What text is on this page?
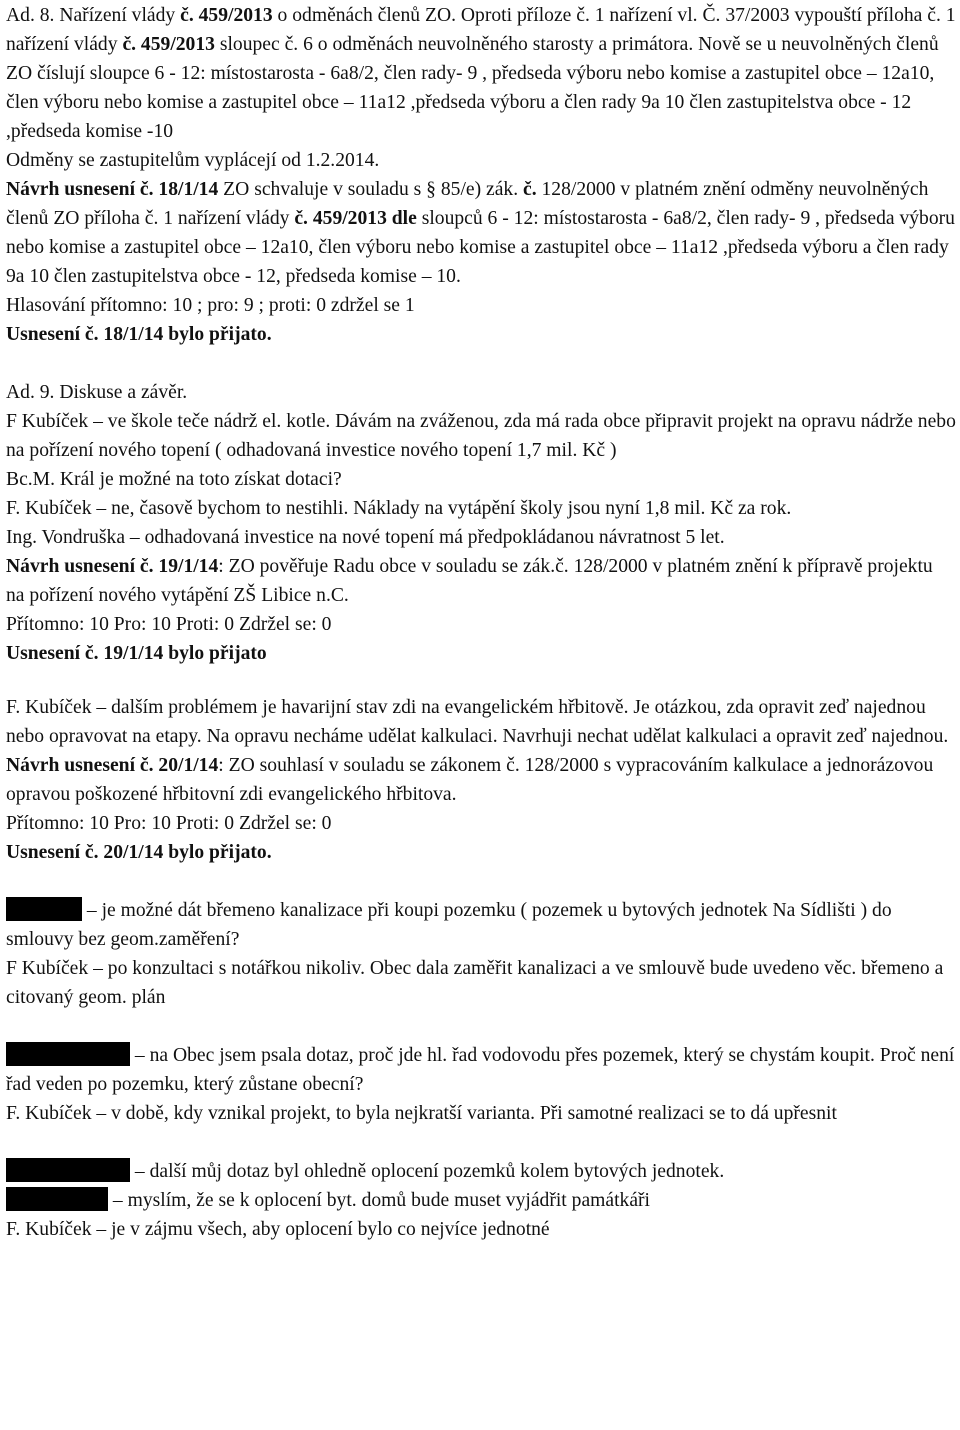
Ad. 8. Nařízení vlády č. 459/2013 o odměnách členů ZO. Oproti příloze č. 1 nařízení vl. Č. 37/2003 vypouští příloha č. 1 nařízení vlády č. 459/2013 sloupec č. 6 o odměnách neuvolněného starosty a primátora. Nově se u neuvolněných členů ZO číslují sloupce 6 - 12: místostarosta - 6a8/2, člen rady- 9 , předseda výboru nebo komise a zastupitel obce – 12a10, člen výboru nebo komise a zastupitel obce – 11a12 ,předseda výboru a člen rady 9a 10 člen zastupitelstva obce - 12 ,předseda komise -10

Odměny se zastupitelům vyplácejí od 1.2.2014.

Návrh usnesení č. 18/1/14 ZO schvaluje v souladu s § 85/e) zák. č. 128/2000 v platném znění odměny neuvolněných členů ZO příloha č. 1 nařízení vlády č. 459/2013 dle sloupců 6 - 12: místostarosta - 6a8/2, člen rady- 9 , předseda výboru nebo komise a zastupitel obce – 12a10, člen výboru nebo komise a zastupitel obce – 11a12 ,předseda výboru a člen rady 9a 10 člen zastupitelstva obce - 12, předseda komise – 10.

Hlasování přítomno: 10 ; pro: 9 ; proti: 0 zdržel se 1

Usnesení č. 18/1/14 bylo přijato.

Ad. 9. Diskuse a závěr.

F Kubíček – ve škole teče nádrž el. kotle. Dávám na zváženou, zda má rada obce připravit projekt na opravu nádrže nebo na pořízení nového topení ( odhadovaná investice nového topení 1,7 mil. Kč )

Bc.M. Král je možné na toto získat dotaci?

F. Kubíček – ne, časově bychom to nestihli. Náklady na vytápění školy jsou nyní 1,8 mil. Kč za rok.

Ing. Vondruška – odhadovaná investice na nové topení má předpokládanou návratnost 5 let.

Návrh usnesení č. 19/1/14: ZO pověřuje Radu obce v souladu se zák.č. 128/2000 v platném znění k přípravě projektu na pořízení nového vytápění ZŠ Libice n.C.

Přítomno: 10 Pro: 10 Proti: 0 Zdržel se: 0

Usnesení č. 19/1/14 bylo přijato

F. Kubíček – dalším problémem je havarijní stav zdi na evangelickém hřbitově. Je otázkou, zda opravit zeď najednou nebo opravovat na etapy. Na opravu necháme udělat kalkulaci. Navrhuji nechat udělat kalkulaci a opravit zeď najednou.

Návrh usnesení č. 20/1/14: ZO souhlasí v souladu se zákonem č. 128/2000 s vypracováním kalkulace a jednorázovou opravou poškozené hřbitovní zdi evangelického hřbitova.

Přítomno: 10 Pro: 10 Proti: 0 Zdržel se: 0

Usnesení č. 20/1/14 bylo přijato.

– je možné dát břemeno kanalizace při koupi pozemku ( pozemek u bytových jednotek Na Sídlišti ) do smlouvy bez geom.zaměření?

F Kubíček – po konzultaci s notářkou nikoliv. Obec dala zaměřit kanalizaci a ve smlouvě bude uvedeno věc. břemeno a citovaný geom. plán

– na Obec jsem psala dotaz, proč jde hl. řad vodovodu přes pozemek, který se chystám koupit. Proč není řad veden po pozemku, který zůstane obecní?

F. Kubíček – v době, kdy vznikal projekt, to byla nejkratší varianta. Při samotné realizaci se to dá upřesnit

– další můj dotaz byl ohledně oplocení pozemků kolem bytových jednotek.

– myslím, že se k oplocení byt. domů bude muset vyjádřit památkáři

F. Kubíček – je v zájmu všech, aby oplocení bylo co nejvíce jednotné
